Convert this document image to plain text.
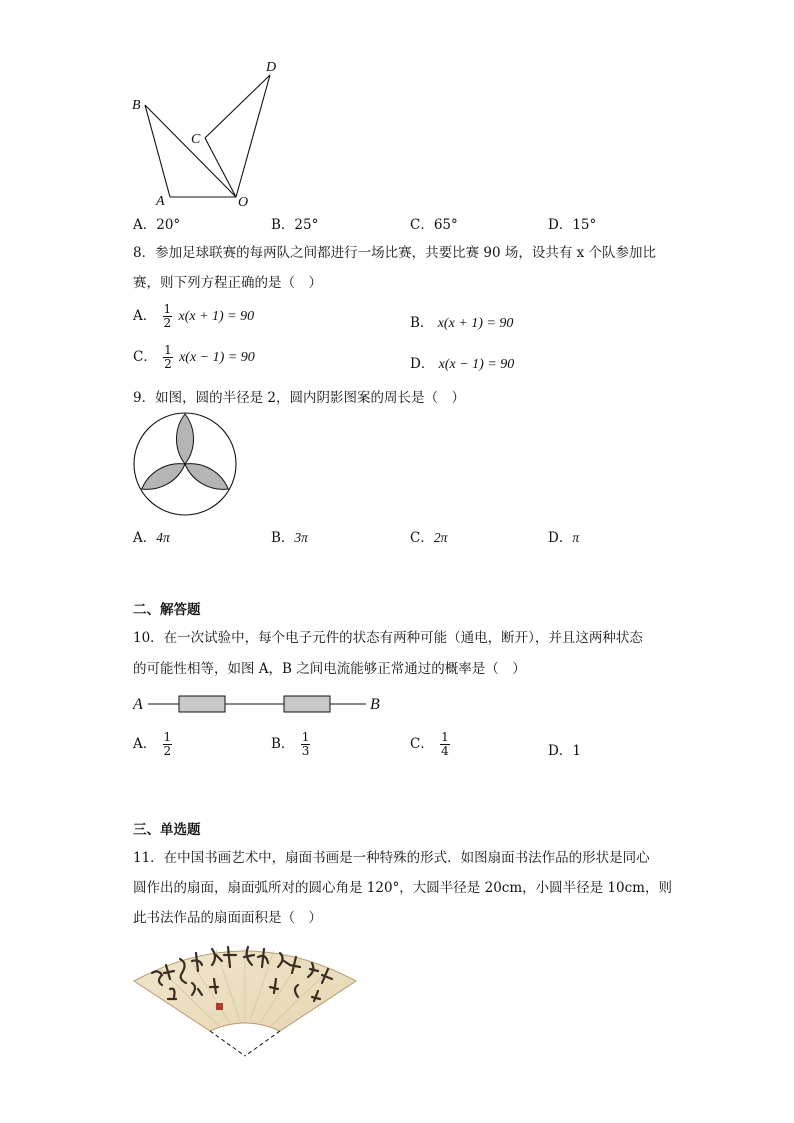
B
D
C
A	O
A．20°	B．25°	C．65°	D．15°
8．参加足球联赛的每两队之间都进行一场比赛，共要比赛 90 场，设共有 x 个队参加比
赛，则下列方程正确的是（　）
A． $\frac{1}{2} x(x + 1) = 90$	B． x(x + 1) = 90
C． $\frac{1}{2} x(x - 1) = 90$	D． x(x − 1) = 90
9．如图，圆的半径是 2，圆内阴影图案的周长是（　）
A．4π	B．3π	C．2π	D．π
二、解答题
10．在一次试验中，每个电子元件的状态有两种可能（通电，断开），并且这两种状态
的可能性相等，如图 A，B 之间电流能够正常通过的概率是（　）
A	B
A． $\frac{1}{2}$	B． $\frac{1}{3}$	C． $\frac{1}{4}$	D．1
三、单选题
11．在中国书画艺术中，扇面书画是一种特殊的形式．如图扇面书法作品的形状是同心
圆作出的扇面，扇面弧所对的圆心角是 120°，大圆半径是 20cm，小圆半径是 10cm，则
此书法作品的扇面面积是（　）
